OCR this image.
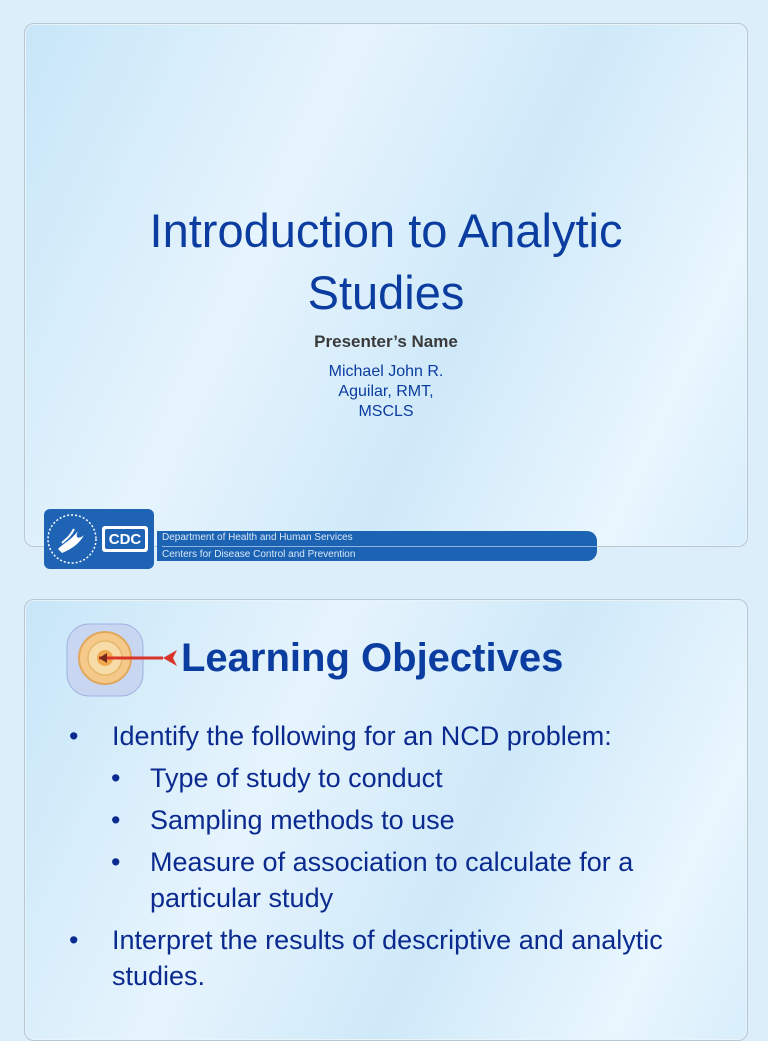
Introduction to Analytic
Studies
Presenter’s Name
Michael John R.
Aguilar, RMT,
MSCLS
CDC Department of Health and Human Services
Centers for Disease Control and Prevention
Learning Objectives
• Identify the following for an NCD problem:
• Type of study to conduct
• Sampling methods to use
• Measure of association to calculate for a particular study
• Interpret the results of descriptive and analytic studies.
